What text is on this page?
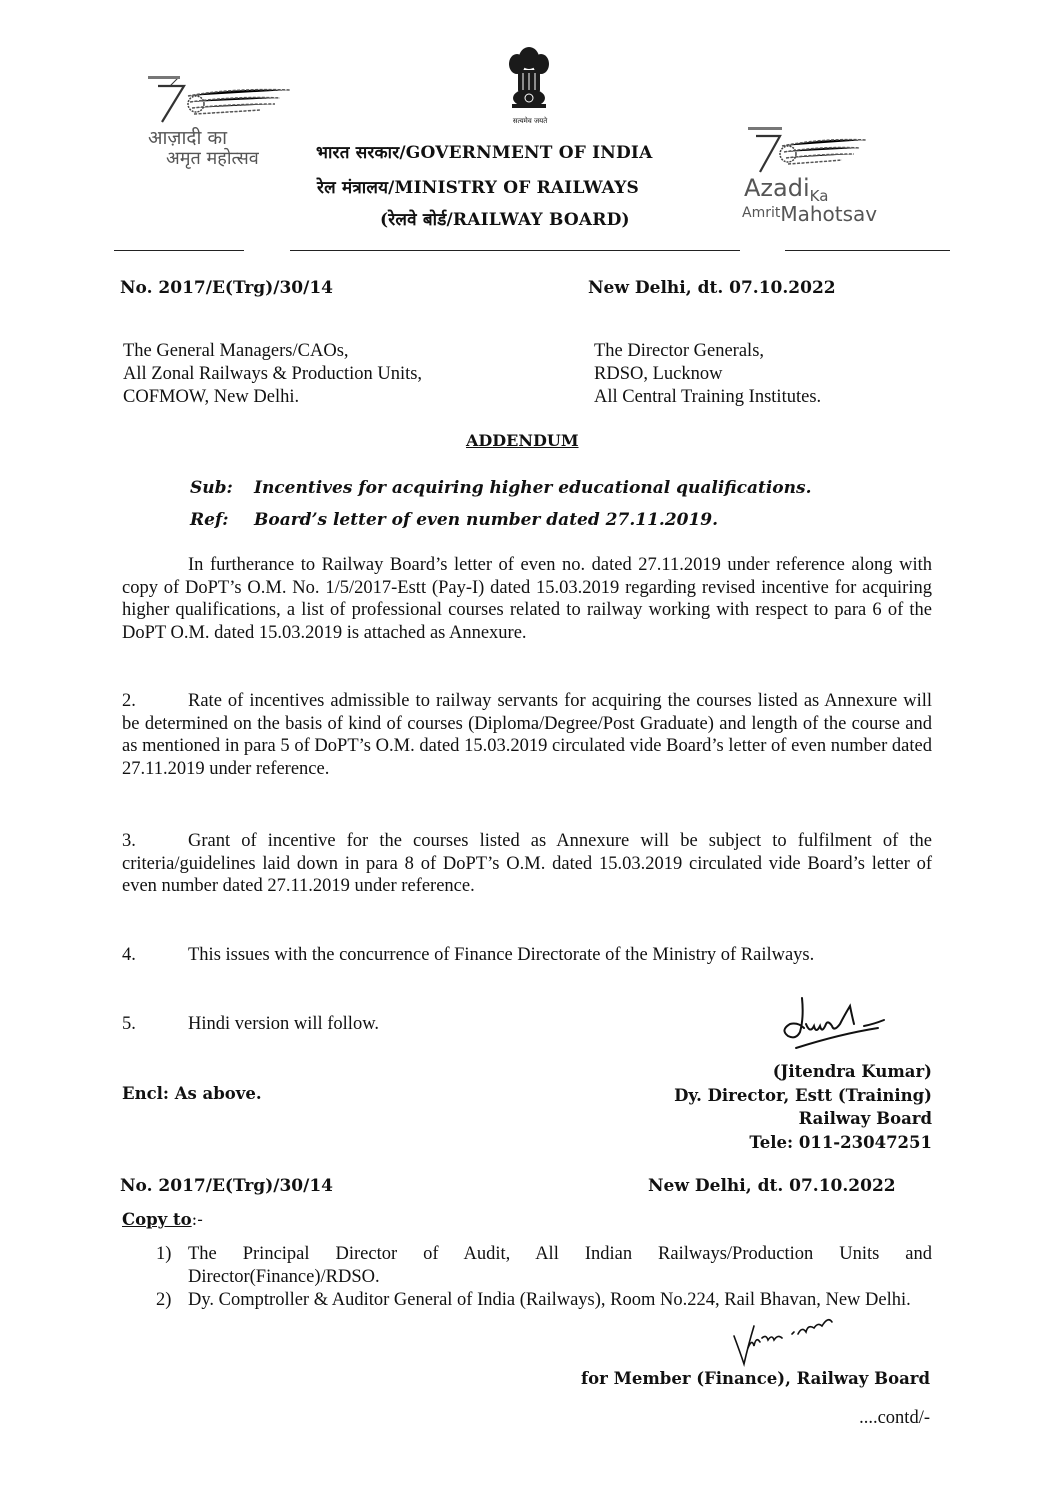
आज़ादी का
अमृत महोत्सव
सत्यमेव जयते
भारत सरकार/GOVERNMENT OF INDIA
रेल मंत्रालय/MINISTRY OF RAILWAYS
(रेलवे बोर्ड/RAILWAY BOARD)
AzadiKa
AmritMahotsav
No. 2017/E(Trg)/30/14	New Delhi, dt. 07.10.2022
The General Managers/CAOs,
All Zonal Railways & Production Units,
COFMOW, New Delhi.
The Director Generals,
RDSO, Lucknow
All Central Training Institutes.
ADDENDUM
Sub: Incentives for acquiring higher educational qualifications.
Ref: Board’s letter of even number dated 27.11.2019.
In furtherance to Railway Board’s letter of even no. dated 27.11.2019 under reference along with copy of DoPT’s O.M. No. 1/5/2017-Estt (Pay-I) dated 15.03.2019 regarding revised incentive for acquiring higher qualifications, a list of professional courses related to railway working with respect to para 6 of the DoPT O.M. dated 15.03.2019 is attached as Annexure.
2.	Rate of incentives admissible to railway servants for acquiring the courses listed as Annexure will be determined on the basis of kind of courses (Diploma/Degree/Post Graduate) and length of the course and as mentioned in para 5 of DoPT’s O.M. dated 15.03.2019 circulated vide Board’s letter of even number dated 27.11.2019 under reference.
3.	Grant of incentive for the courses listed as Annexure will be subject to fulfilment of the criteria/guidelines laid down in para 8 of DoPT’s O.M. dated 15.03.2019 circulated vide Board’s letter of even number dated 27.11.2019 under reference.
4.	This issues with the concurrence of Finance Directorate of the Ministry of Railways.
5.	Hindi version will follow.
Encl: As above.
(Jitendra Kumar)
Dy. Director, Estt (Training)
Railway Board
Tele: 011-23047251
No. 2017/E(Trg)/30/14	New Delhi, dt. 07.10.2022
Copy to:-
1) The Principal Director of Audit, All Indian Railways/Production Units and Director(Finance)/RDSO.
2) Dy. Comptroller & Auditor General of India (Railways), Room No.224, Rail Bhavan, New Delhi.
for Member (Finance), Railway Board
....contd/-
